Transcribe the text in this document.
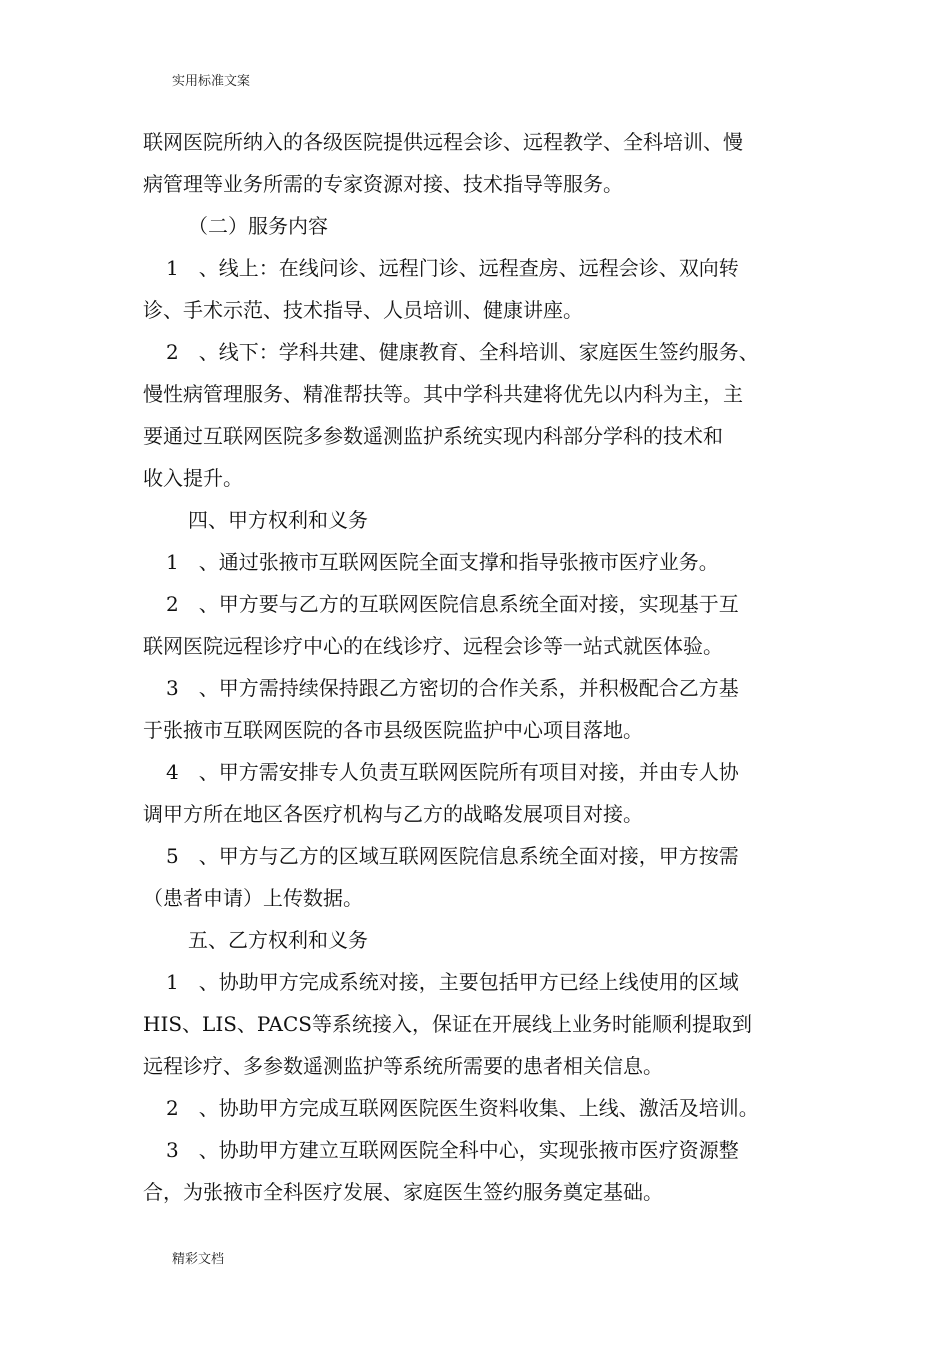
实用标准文案
联网医院所纳入的各级医院提供远程会诊、远程教学、全科培训、慢
病管理等业务所需的专家资源对接、技术指导等服务。
（二）服务内容
1　、线上：在线问诊、远程门诊、远程查房、远程会诊、双向转
诊、手术示范、技术指导、人员培训、健康讲座。
2　、线下：学科共建、健康教育、全科培训、家庭医生签约服务、
慢性病管理服务、精准帮扶等。其中学科共建将优先以内科为主，主
要通过互联网医院多参数遥测监护系统实现内科部分学科的技术和
收入提升。
四、甲方权利和义务
1　、通过张掖市互联网医院全面支撑和指导张掖市医疗业务。
2　、甲方要与乙方的互联网医院信息系统全面对接，实现基于互
联网医院远程诊疗中心的在线诊疗、远程会诊等一站式就医体验。
3　、甲方需持续保持跟乙方密切的合作关系，并积极配合乙方基
于张掖市互联网医院的各市县级医院监护中心项目落地。
4　、甲方需安排专人负责互联网医院所有项目对接，并由专人协
调甲方所在地区各医疗机构与乙方的战略发展项目对接。
5　、甲方与乙方的区域互联网医院信息系统全面对接，甲方按需
（患者申请）上传数据。
五、乙方权利和义务
1　、协助甲方完成系统对接，主要包括甲方已经上线使用的区域
HIS、LIS、PACS等系统接入，保证在开展线上业务时能顺利提取到
远程诊疗、多参数遥测监护等系统所需要的患者相关信息。
2　、协助甲方完成互联网医院医生资料收集、上线、激活及培训。
3　、协助甲方建立互联网医院全科中心，实现张掖市医疗资源整
合，为张掖市全科医疗发展、家庭医生签约服务奠定基础。
精彩文档
